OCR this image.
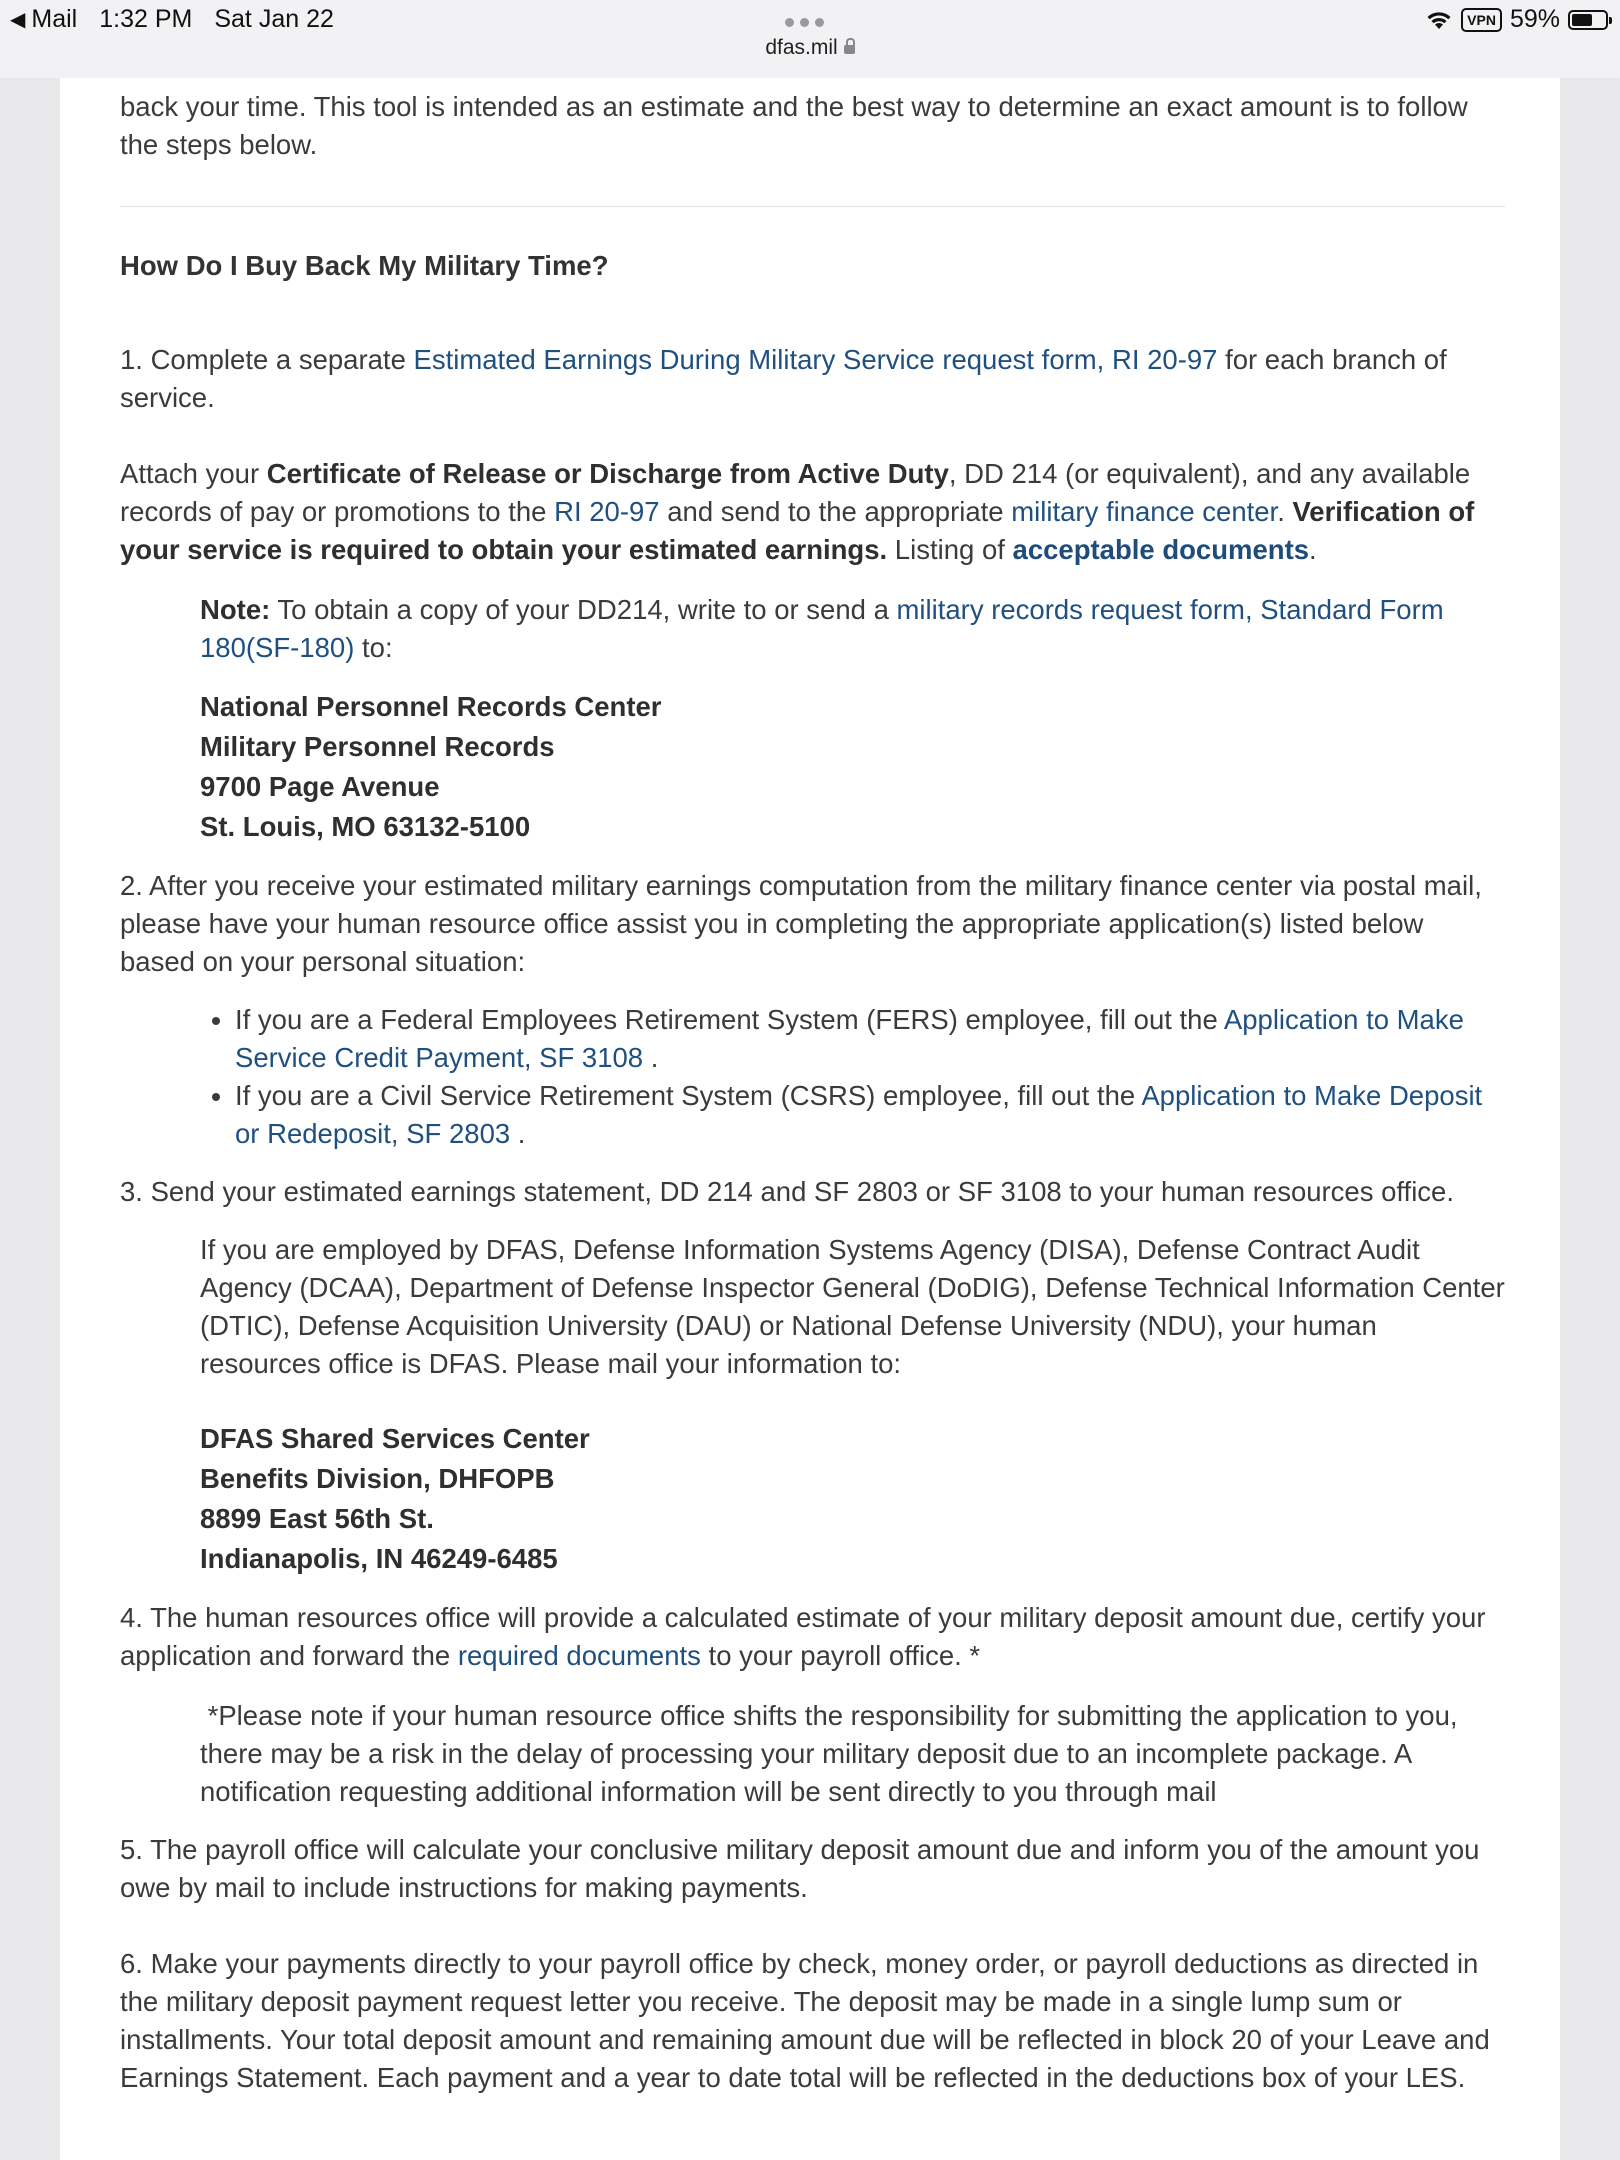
◀ Mail 1:32 PM Sat Jan 22
dfas.mil
VPN 59%

back your time. This tool is intended as an estimate and the best way to determine an exact amount is to follow the steps below.

How Do I Buy Back My Military Time?

1. Complete a separate Estimated Earnings During Military Service request form, RI 20-97 for each branch of service.

Attach your Certificate of Release or Discharge from Active Duty, DD 214 (or equivalent), and any available records of pay or promotions to the RI 20-97 and send to the appropriate military finance center. Verification of your service is required to obtain your estimated earnings. Listing of acceptable documents.

Note: To obtain a copy of your DD214, write to or send a military records request form, Standard Form 180(SF-180) to:

National Personnel Records Center
Military Personnel Records
9700 Page Avenue
St. Louis, MO 63132-5100

2. After you receive your estimated military earnings computation from the military finance center via postal mail, please have your human resource office assist you in completing the appropriate application(s) listed below based on your personal situation:

• If you are a Federal Employees Retirement System (FERS) employee, fill out the Application to Make Service Credit Payment, SF 3108 .
• If you are a Civil Service Retirement System (CSRS) employee, fill out the Application to Make Deposit or Redeposit, SF 2803 .

3. Send your estimated earnings statement, DD 214 and SF 2803 or SF 3108 to your human resources office.

If you are employed by DFAS, Defense Information Systems Agency (DISA), Defense Contract Audit Agency (DCAA), Department of Defense Inspector General (DoDIG), Defense Technical Information Center (DTIC), Defense Acquisition University (DAU) or National Defense University (NDU), your human resources office is DFAS. Please mail your information to:

DFAS Shared Services Center
Benefits Division, DHFOPB
8899 East 56th St.
Indianapolis, IN 46249-6485

4. The human resources office will provide a calculated estimate of your military deposit amount due, certify your application and forward the required documents to your payroll office. *

*Please note if your human resource office shifts the responsibility for submitting the application to you, there may be a risk in the delay of processing your military deposit due to an incomplete package. A notification requesting additional information will be sent directly to you through mail

5. The payroll office will calculate your conclusive military deposit amount due and inform you of the amount you owe by mail to include instructions for making payments.

6. Make your payments directly to your payroll office by check, money order, or payroll deductions as directed in the military deposit payment request letter you receive. The deposit may be made in a single lump sum or installments. Your total deposit amount and remaining amount due will be reflected in block 20 of your Leave and Earnings Statement. Each payment and a year to date total will be reflected in the deductions box of your LES.
